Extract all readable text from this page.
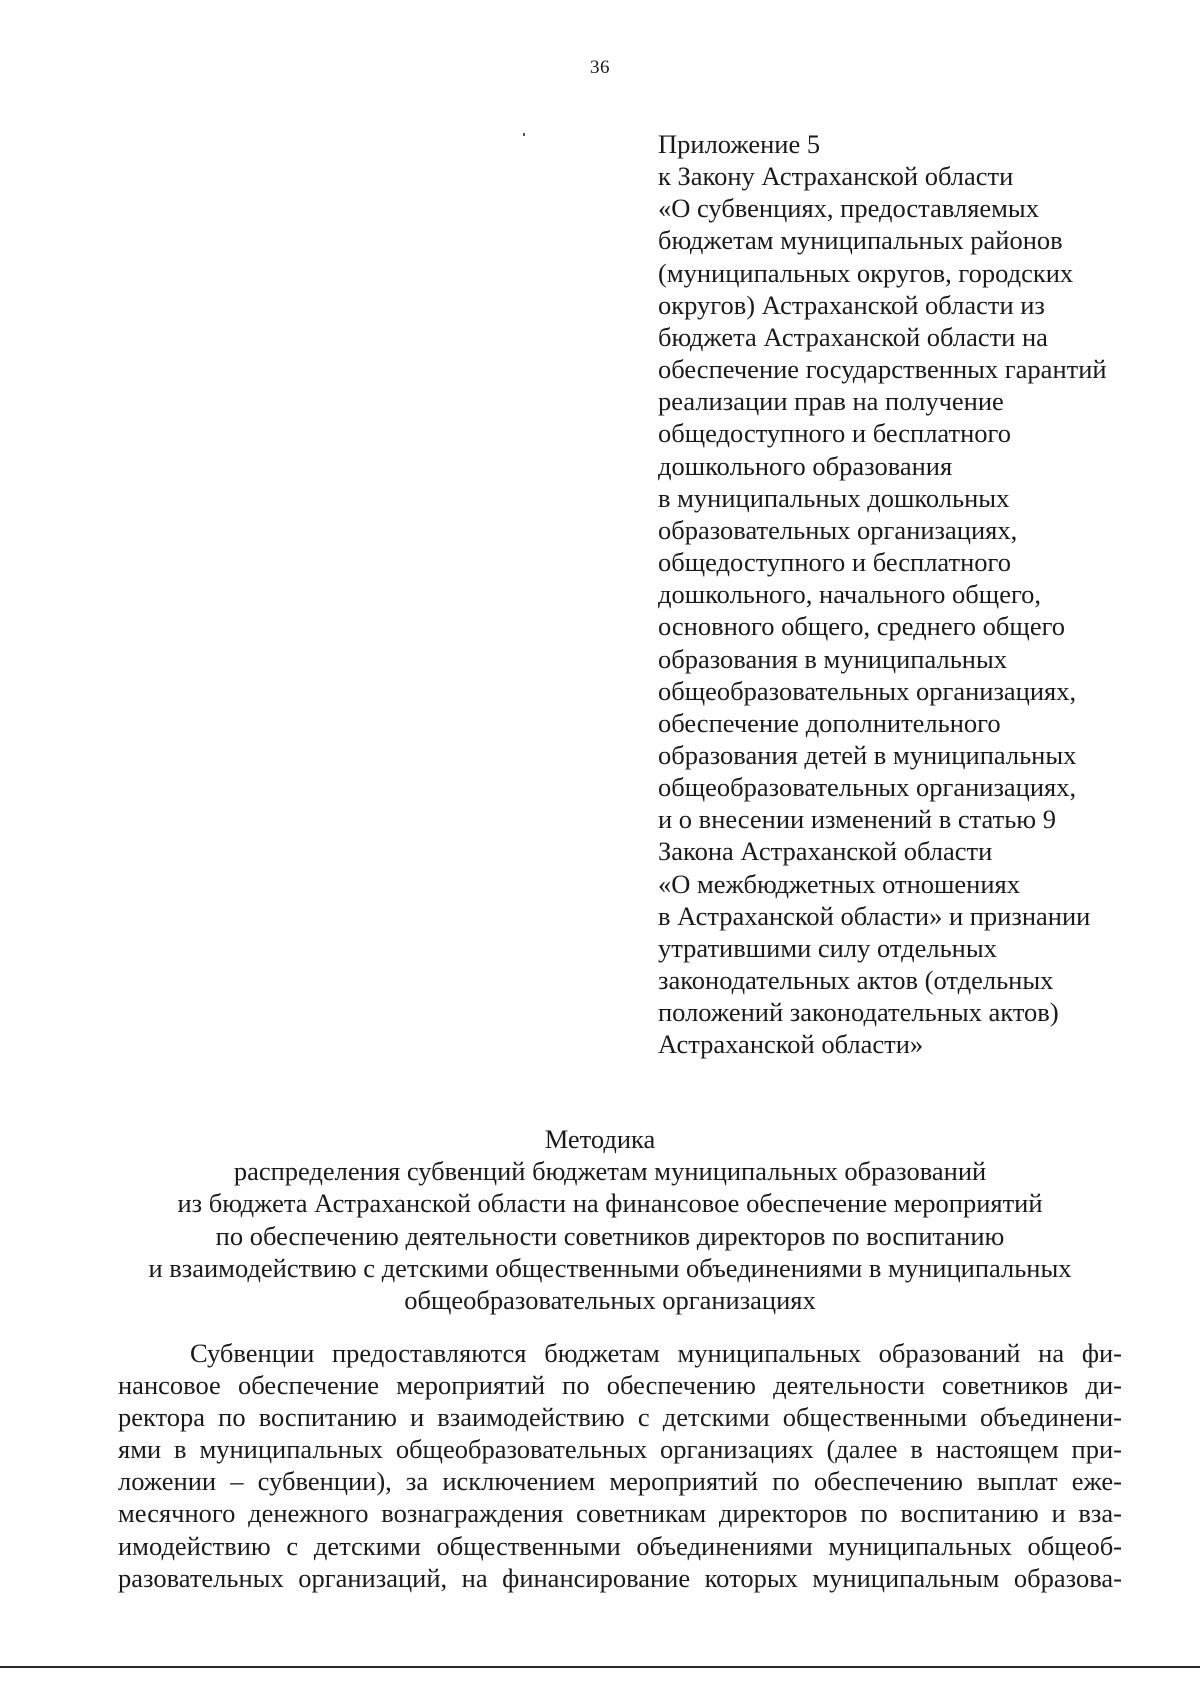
36
Приложение 5
к Закону Астраханской области
«О субвенциях, предоставляемых
бюджетам муниципальных районов
(муниципальных округов, городских
округов) Астраханской области из
бюджета Астраханской области на
обеспечение государственных гарантий
реализации прав на получение
общедоступного и бесплатного
дошкольного образования
в муниципальных дошкольных
образовательных организациях,
общедоступного и бесплатного
дошкольного, начального общего,
основного общего, среднего общего
образования в муниципальных
общеобразовательных организациях,
обеспечение дополнительного
образования детей в муниципальных
общеобразовательных организациях,
и о внесении изменений в статью 9
Закона Астраханской области
«О межбюджетных отношениях
в Астраханской области» и признании
утратившими силу отдельных
законодательных актов (отдельных
положений законодательных актов)
Астраханской области»
Методика
распределения субвенций бюджетам муниципальных образований
из бюджета Астраханской области на финансовое обеспечение мероприятий
по обеспечению деятельности советников директоров по воспитанию
и взаимодействию с детскими общественными объединениями в муниципальных
общеобразовательных организациях
Субвенции предоставляются бюджетам муниципальных образований на фи-
нансовое обеспечение мероприятий по обеспечению деятельности советников ди-
ректора по воспитанию и взаимодействию с детскими общественными объединени-
ями в муниципальных общеобразовательных организациях (далее в настоящем при-
ложении – субвенции), за исключением мероприятий по обеспечению выплат еже-
месячного денежного вознаграждения советникам директоров по воспитанию и вза-
имодействию с детскими общественными объединениями муниципальных общеоб-
разовательных организаций, на финансирование которых муниципальным образова-
